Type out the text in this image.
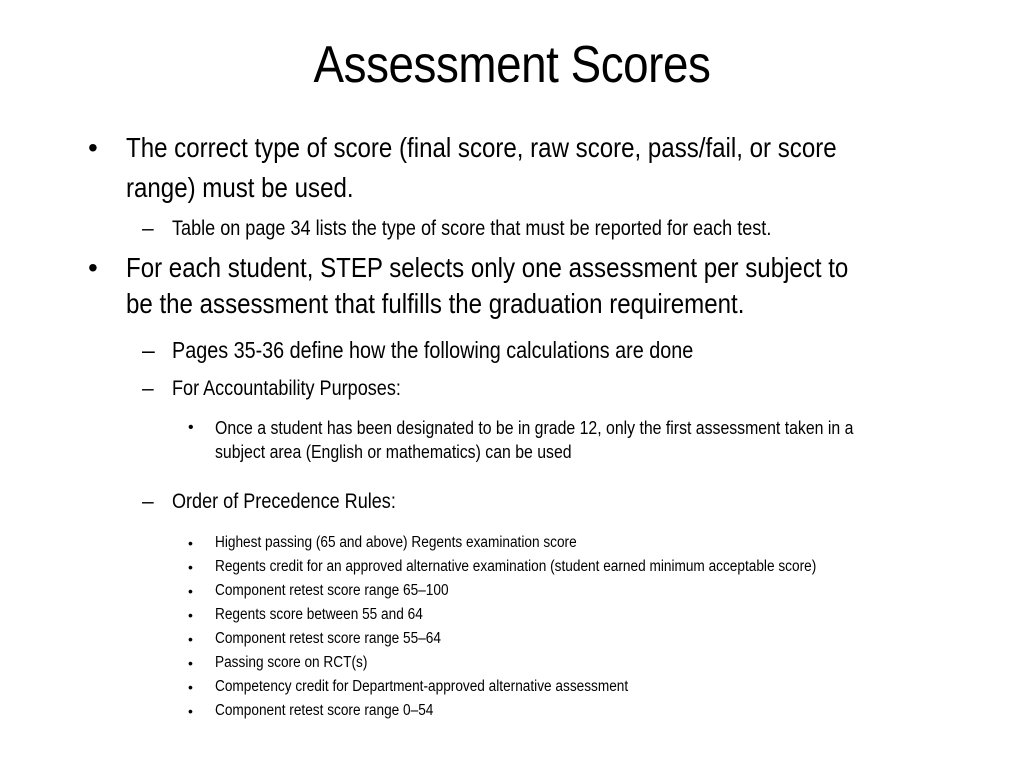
Assessment Scores
• The correct type of score (final score, raw score, pass/fail, or score
range) must be used.
– Table on page 34 lists the type of score that must be reported for each test.
• For each student, STEP selects only one assessment per subject to
be the assessment that fulfills the graduation requirement.
– Pages 35-36 define how the following calculations are done
– For Accountability Purposes:
• Once a student has been designated to be in grade 12, only the first assessment taken in a
subject area (English or mathematics) can be used
– Order of Precedence Rules:
• Highest passing (65 and above) Regents examination score
• Regents credit for an approved alternative examination (student earned minimum acceptable score)
• Component retest score range 65–100
• Regents score between 55 and 64
• Component retest score range 55–64
• Passing score on RCT(s)
• Competency credit for Department-approved alternative assessment
• Component retest score range 0–54
